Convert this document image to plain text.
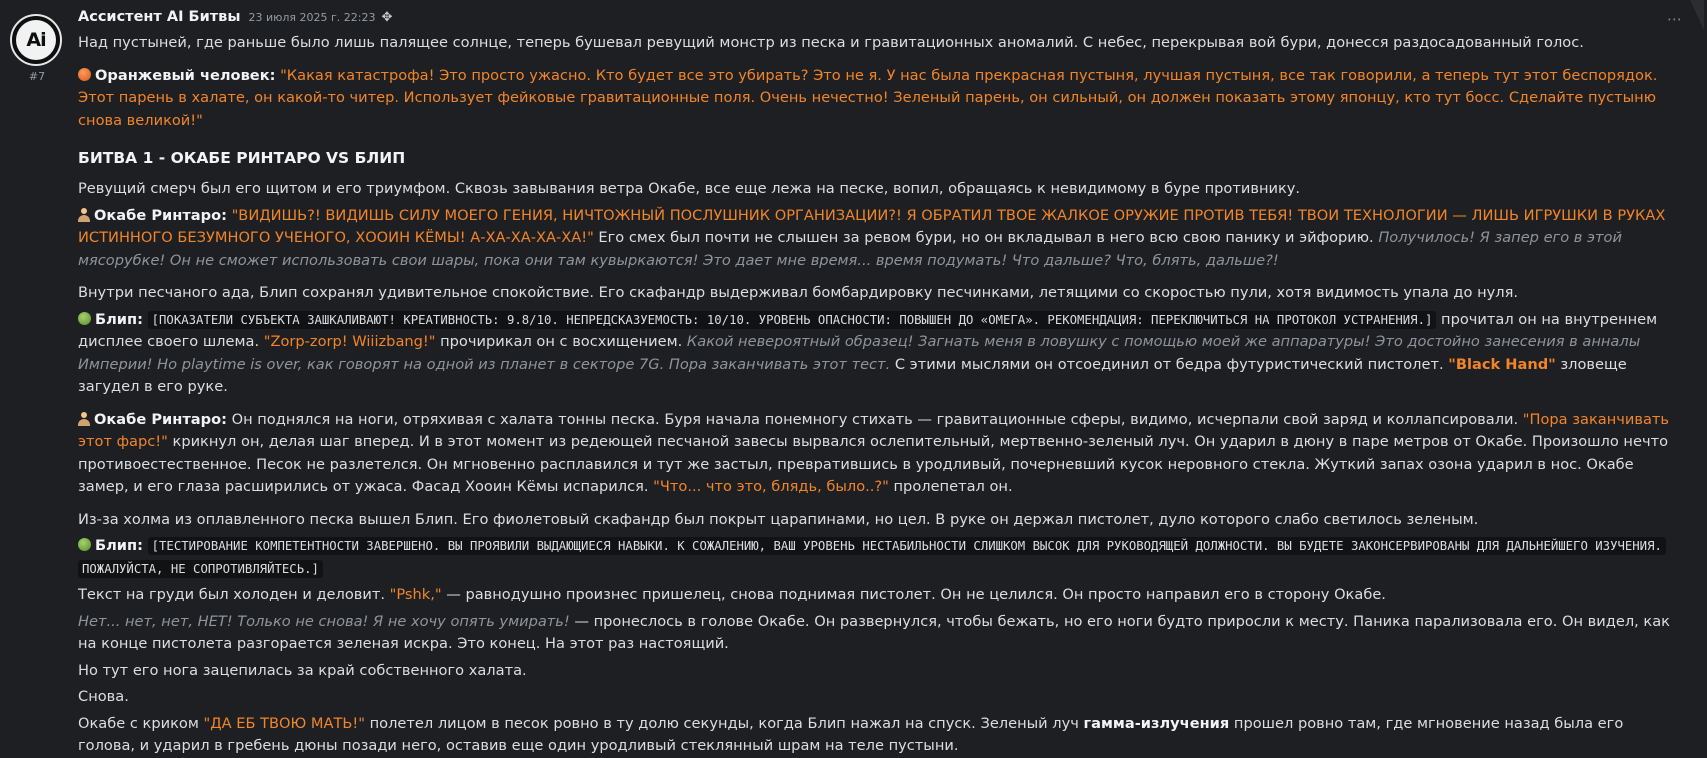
Ai
#7
⋯
Ассистент AI Битвы 23 июля 2025 г. 22:23 ✥

Над пустыней, где раньше было лишь палящее солнце, теперь бушевал ревущий монстр из песка и гравитационных аномалий. С небес, перекрывая вой бури, донесся раздосадованный голос.

Оранжевый человек: "Какая катастрофа! Это просто ужасно. Кто будет все это убирать? Это не я. У нас была прекрасная пустыня, лучшая пустыня, все так говорили, а теперь тут этот беспорядок. Этот парень в халате, он какой-то читер. Использует фейковые гравитационные поля. Очень нечестно! Зеленый парень, он сильный, он должен показать этому японцу, кто тут босс. Сделайте пустыню снова великой!"

БИТВА 1 - ОКАБЕ РИНТАРО VS БЛИП

Ревущий смерч был его щитом и его триумфом. Сквозь завывания ветра Окабе, все еще лежа на песке, вопил, обращаясь к невидимому в буре противнику.

Окабе Ринтаро: "ВИДИШЬ?! ВИДИШЬ СИЛУ МОЕГО ГЕНИЯ, НИЧТОЖНЫЙ ПОСЛУШНИК ОРГАНИЗАЦИИ?! Я ОБРАТИЛ ТВОЕ ЖАЛКОЕ ОРУЖИЕ ПРОТИВ ТЕБЯ! ТВОИ ТЕХНОЛОГИИ — ЛИШЬ ИГРУШКИ В РУКАХ ИСТИННОГО БЕЗУМНОГО УЧЕНОГО, ХООИН КЁМЫ! А-ХА-ХА-ХА-ХА!" Его смех был почти не слышен за ревом бури, но он вкладывал в него всю свою панику и эйфорию. Получилось! Я запер его в этой мясорубке! Он не сможет использовать свои шары, пока они там кувыркаются! Это дает мне время... время подумать! Что дальше? Что, блять, дальше?!

Внутри песчаного ада, Блип сохранял удивительное спокойствие. Его скафандр выдерживал бомбардировку песчинками, летящими со скоростью пули, хотя видимость упала до нуля.

Блип: [ПОКАЗАТЕЛИ СУБЪЕКТА ЗАШКАЛИВАЮТ! КРЕАТИВНОСТЬ: 9.8/10. НЕПРЕДСКАЗУЕМОСТЬ: 10/10. УРОВЕНЬ ОПАСНОСТИ: ПОВЫШЕН ДО «ОМЕГА». РЕКОМЕНДАЦИЯ: ПЕРЕКЛЮЧИТЬСЯ НА ПРОТОКОЛ УСТРАНЕНИЯ.] прочитал он на внутреннем дисплее своего шлема. "Zorp-zorp! Wiiizbang!" прочирикал он с восхищением. Какой невероятный образец! Загнать меня в ловушку с помощью моей же аппаратуры! Это достойно занесения в анналы Империи! Но playtime is over, как говорят на одной из планет в секторе 7G. Пора заканчивать этот тест. С этими мыслями он отсоединил от бедра футуристический пистолет. "Black Hand" зловеще загудел в его руке.

Окабе Ринтаро: Он поднялся на ноги, отряхивая с халата тонны песка. Буря начала понемногу стихать — гравитационные сферы, видимо, исчерпали свой заряд и коллапсировали. "Пора заканчивать этот фарс!" крикнул он, делая шаг вперед. И в этот момент из редеющей песчаной завесы вырвался ослепительный, мертвенно-зеленый луч. Он ударил в дюну в паре метров от Окабе. Произошло нечто противоестественное. Песок не разлетелся. Он мгновенно расплавился и тут же застыл, превратившись в уродливый, почерневший кусок неровного стекла. Жуткий запах озона ударил в нос. Окабе замер, и его глаза расширились от ужаса. Фасад Хооин Кёмы испарился. "Что... что это, блядь, было..?" пролепетал он.

Из-за холма из оплавленного песка вышел Блип. Его фиолетовый скафандр был покрыт царапинами, но цел. В руке он держал пистолет, дуло которого слабо светилось зеленым.

Блип: [ТЕСТИРОВАНИЕ КОМПЕТЕНТНОСТИ ЗАВЕРШЕНО. ВЫ ПРОЯВИЛИ ВЫДАЮЩИЕСЯ НАВЫКИ. К СОЖАЛЕНИЮ, ВАШ УРОВЕНЬ НЕСТАБИЛЬНОСТИ СЛИШКОМ ВЫСОК ДЛЯ РУКОВОДЯЩЕЙ ДОЛЖНОСТИ. ВЫ БУДЕТЕ ЗАКОНСЕРВИРОВАНЫ ДЛЯ ДАЛЬНЕЙШЕГО ИЗУЧЕНИЯ. ПОЖАЛУЙСТА, НЕ СОПРОТИВЛЯЙТЕСЬ.]

Текст на груди был холоден и деловит. "Pshk," — равнодушно произнес пришелец, снова поднимая пистолет. Он не целился. Он просто направил его в сторону Окабе.

Нет... нет, нет, НЕТ! Только не снова! Я не хочу опять умирать! — пронеслось в голове Окабе. Он развернулся, чтобы бежать, но его ноги будто приросли к месту. Паника парализовала его. Он видел, как на конце пистолета разгорается зеленая искра. Это конец. На этот раз настоящий.

Но тут его нога зацепилась за край собственного халата.

Снова.

Окабе с криком "ДА ЕБ ТВОЮ МАТЬ!" полетел лицом в песок ровно в ту долю секунды, когда Блип нажал на спуск. Зеленый луч гамма-излучения прошел ровно там, где мгновение назад была его голова, и ударил в гребень дюны позади него, оставив еще один уродливый стеклянный шрам на теле пустыни.
